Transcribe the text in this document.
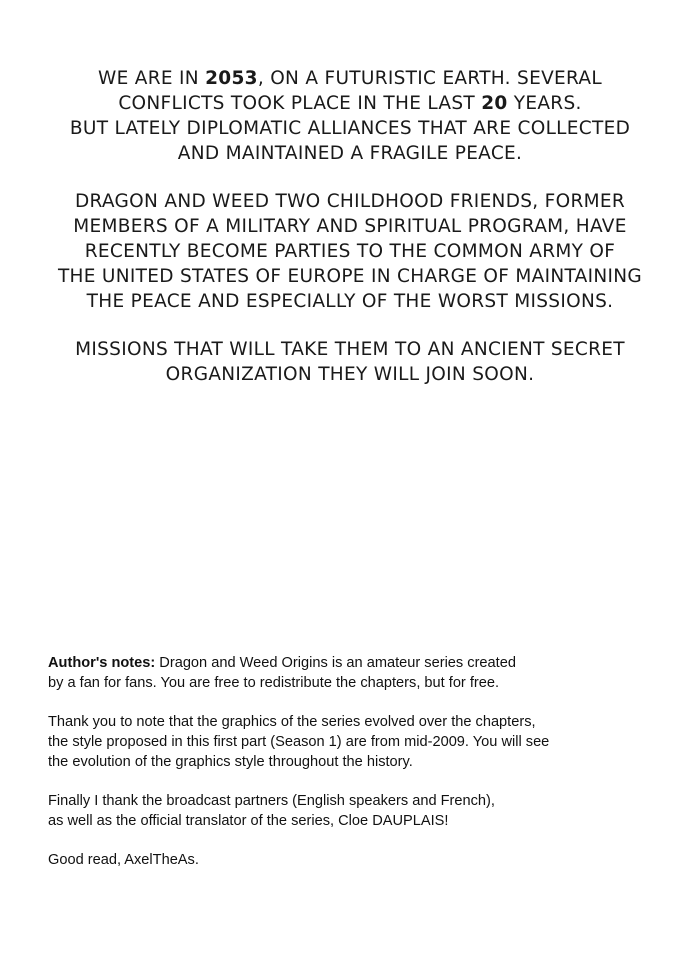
WE ARE IN 2053, ON A FUTURISTIC EARTH. SEVERAL
CONFLICTS TOOK PLACE IN THE LAST 20 YEARS.
BUT LATELY DIPLOMATIC ALLIANCES THAT ARE COLLECTED
AND MAINTAINED A FRAGILE PEACE.

DRAGON AND WEED TWO CHILDHOOD FRIENDS, FORMER
MEMBERS OF A MILITARY AND SPIRITUAL PROGRAM, HAVE
RECENTLY BECOME PARTIES TO THE COMMON ARMY OF
THE UNITED STATES OF EUROPE IN CHARGE OF MAINTAINING
THE PEACE AND ESPECIALLY OF THE WORST MISSIONS.

MISSIONS THAT WILL TAKE THEM TO AN ANCIENT SECRET
ORGANIZATION THEY WILL JOIN SOON.

Author's notes: Dragon and Weed Origins is an amateur series created
by a fan for fans. You are free to redistribute the chapters, but for free.

Thank you to note that the graphics of the series evolved over the chapters,
the style proposed in this first part (Season 1) are from mid-2009. You will see
the evolution of the graphics style throughout the history.

Finally I thank the broadcast partners (English speakers and French),
as well as the official translator of the series, Cloe DAUPLAIS!

Good read, AxelTheAs.
